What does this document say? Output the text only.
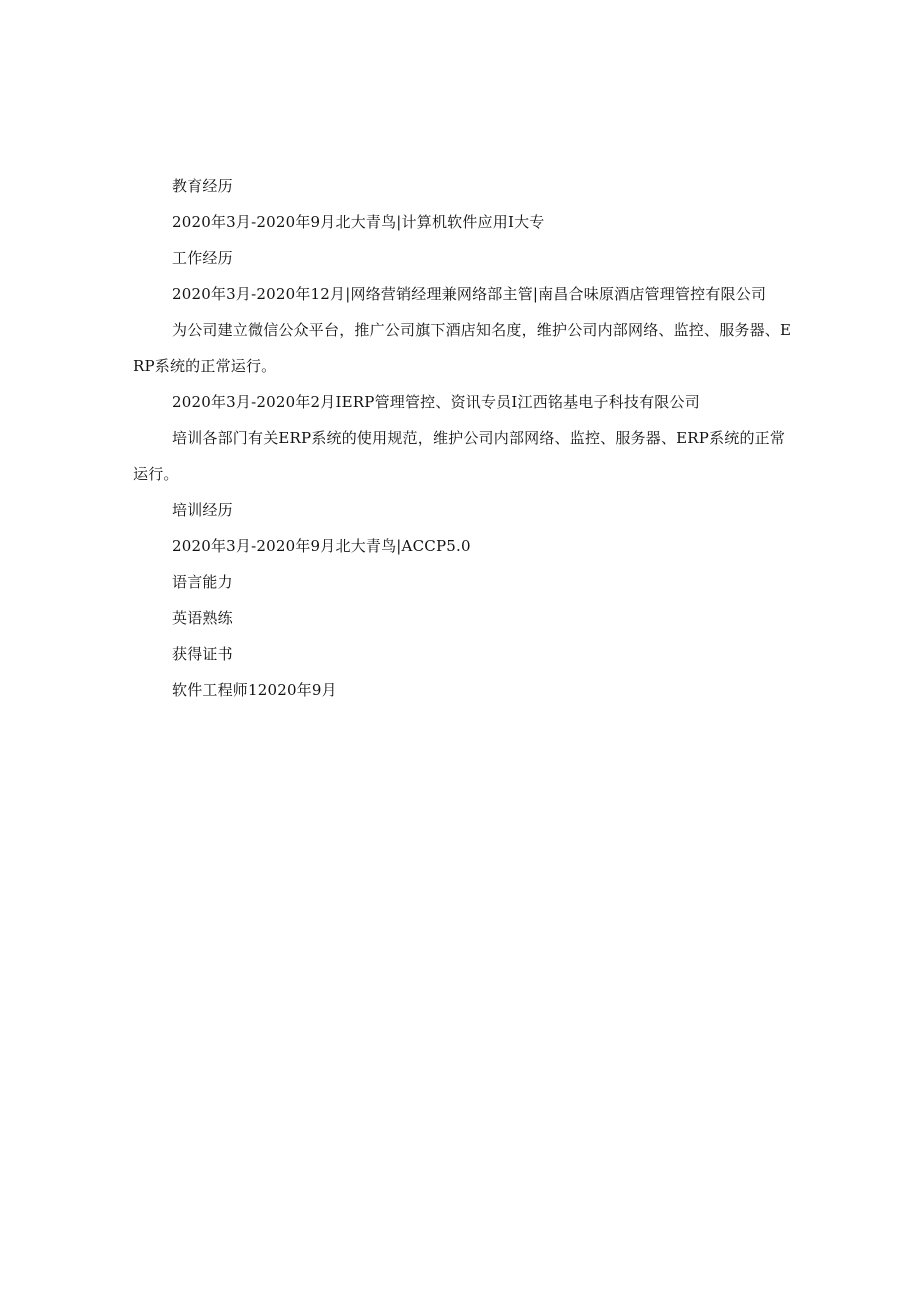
教育经历

2020年3月-2020年9月北大青鸟|计算机软件应用I大专

工作经历

2020年3月-2020年12月|网络营销经理兼网络部主管|南昌合味原酒店管理管控有限公司

为公司建立微信公众平台，推广公司旗下酒店知名度，维护公司内部网络、监控、服务器、ERP系统的正常运行。

2020年3月-2020年2月IERP管理管控、资讯专员I江西铭基电子科技有限公司

培训各部门有关ERP系统的使用规范，维护公司内部网络、监控、服务器、ERP系统的正常运行。

培训经历

2020年3月-2020年9月北大青鸟|ACCP5.0

语言能力

英语熟练

获得证书

软件工程师12020年9月
